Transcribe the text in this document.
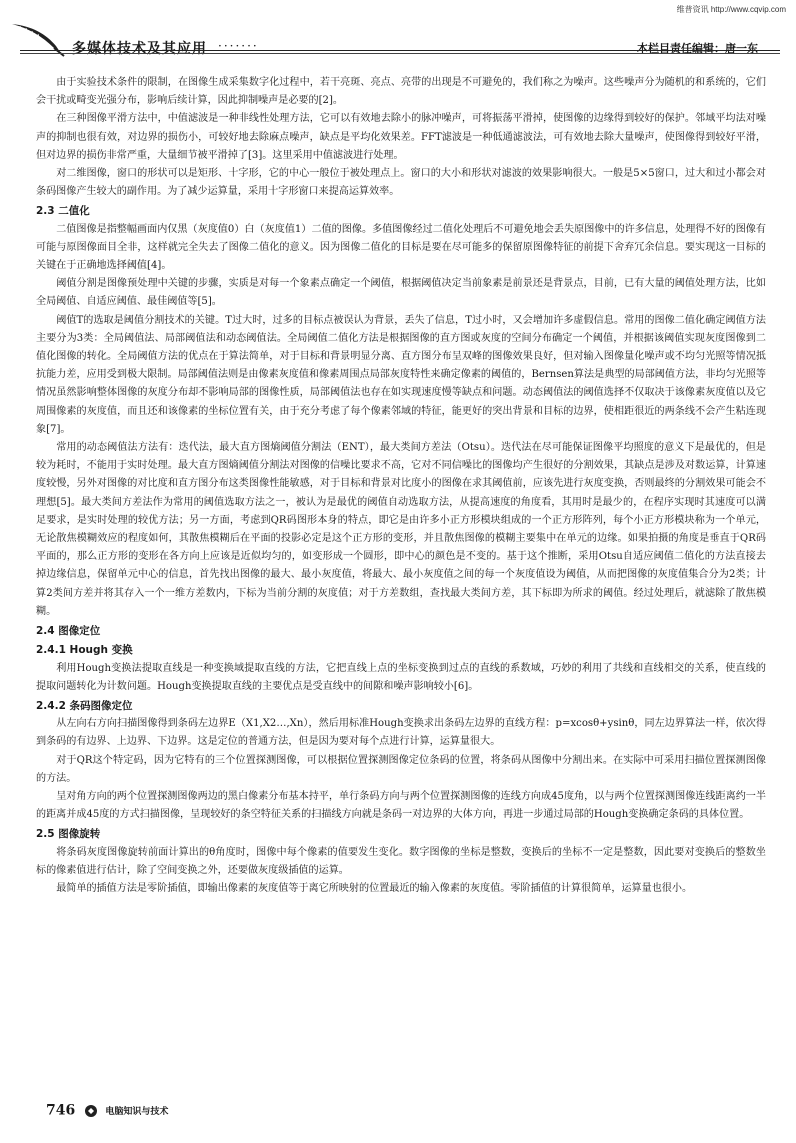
维普资讯 http://www.cqvip.com
多媒体技术及其应用 ·······	本栏目责任编辑：唐一东

由于实验技术条件的限制，在图像生成采集数字化过程中，若干亮斑、亮点、亮带的出现是不可避免的，我们称之为噪声。这些噪声分为随机的和系统的，它们会干扰或畸变光强分布，影响后续计算，因此抑制噪声是必要的[2]。

在三种图像平滑方法中，中值滤波是一种非线性处理方法，它可以有效地去除小的脉冲噪声，可将振荡平滑掉，使图像的边缘得到较好的保护。邻域平均法对噪声的抑制也很有效，对边界的损伤小，可较好地去除麻点噪声，缺点是平均化效果差。FFT滤波是一种低通滤波法，可有效地去除大量噪声，使图像得到较好平滑，但对边界的损伤非常严重，大量细节被平滑掉了[3]。这里采用中值滤波进行处理。

对二维图像，窗口的形状可以是矩形、十字形，它的中心一般位于被处理点上。窗口的大小和形状对滤波的效果影响很大。一般是5×5窗口，过大和过小都会对条码图像产生较大的副作用。为了减少运算量，采用十字形窗口来提高运算效率。

2.3 二值化

二值图像是指整幅画面内仅黑（灰度值0）白（灰度值1）二值的图像。多值图像经过二值化处理后不可避免地会丢失原图像中的许多信息，处理得不好的图像有可能与原图像面目全非，这样就完全失去了图像二值化的意义。因为图像二值化的目标是要在尽可能多的保留原图像特征的前提下舍弃冗余信息。要实现这一目标的关键在于正确地选择阈值[4]。

阈值分割是图像预处理中关键的步骤，实质是对每一个象素点确定一个阈值，根据阈值决定当前象素是前景还是背景点，目前，已有大量的阈值处理方法，比如全局阈值、自适应阈值、最佳阈值等[5]。

阈值T的选取是阈值分割技术的关键。T过大时，过多的目标点被误认为背景，丢失了信息，T过小时，又会增加许多虚假信息。常用的图像二值化确定阈值方法主要分为3类：全局阈值法、局部阈值法和动态阈值法。全局阈值二值化方法是根据图像的直方图或灰度的空间分布确定一个阈值，并根据该阈值实现灰度图像到二值化图像的转化。全局阈值方法的优点在于算法简单，对于目标和背景明显分离、直方图分布呈双峰的图像效果良好，但对输入图像量化噪声或不均匀光照等情况抵抗能力差，应用受到极大限制。局部阈值法则是由像素灰度值和像素周围点局部灰度特性来确定像素的阈值的，Bernsen算法是典型的局部阈值方法，非均匀光照等情况虽然影响整体图像的灰度分布却不影响局部的图像性质，局部阈值法也存在如实现速度慢等缺点和问题。动态阈值法的阈值选择不仅取决于该像素灰度值以及它周围像素的灰度值，而且还和该像素的坐标位置有关，由于充分考虑了每个像素邻域的特征，能更好的突出背景和目标的边界，使相距很近的两条线不会产生粘连现象[7]。

常用的动态阈值法方法有：迭代法，最大直方图熵阈值分割法（ENT），最大类间方差法（Otsu）。迭代法在尽可能保证图像平均照度的意义下是最优的，但是较为耗时，不能用于实时处理。最大直方图熵阈值分割法对图像的信噪比要求不高，它对不同信噪比的图像均产生很好的分割效果，其缺点是涉及对数运算，计算速度较慢，另外对图像的对比度和直方图分布这类图像性能敏感，对于目标和背景对比度小的图像在求其阈值前，应该先进行灰度变换，否则最终的分割效果可能会不理想[5]。最大类间方差法作为常用的阈值选取方法之一，被认为是最优的阈值自动选取方法，从提高速度的角度看，其用时是最少的，在程序实现时其速度可以满足要求，是实时处理的较优方法；另一方面，考虑到QR码图形本身的特点，即它是由许多小正方形模块组成的一个正方形阵列，每个小正方形模块称为一个单元，无论散焦模糊效应的程度如何，其散焦模糊后在平面的投影必定是这个正方形的变形，并且散焦图像的模糊主要集中在单元的边缘。如果拍摄的角度是垂直于QR码平面的，那么正方形的变形在各方向上应该是近似均匀的，如变形成一个圆形，即中心的颜色是不变的。基于这个推断，采用Otsu自适应阈值二值化的方法直接去掉边缘信息，保留单元中心的信息，首先找出图像的最大、最小灰度值，将最大、最小灰度值之间的每一个灰度值设为阈值，从而把图像的灰度值集合分为2类；计算2类间方差并将其存入一个一维方差数内，下标为当前分割的灰度值；对于方差数组，查找最大类间方差，其下标即为所求的阈值。经过处理后，就滤除了散焦模糊。

2.4 图像定位
2.4.1 Hough 变换

利用Hough变换法提取直线是一种变换域提取直线的方法，它把直线上点的坐标变换到过点的直线的系数域，巧妙的利用了共线和直线相交的关系，使直线的提取问题转化为计数问题。Hough变换提取直线的主要优点是受直线中的间隙和噪声影响较小[6]。

2.4.2 条码图像定位

从左向右方向扫描图像得到条码左边界E（X1,X2…,Xn），然后用标准Hough变换求出条码左边界的直线方程：p=xcosθ+ysinθ，同左边界算法一样，依次得到条码的有边界、上边界、下边界。这是定位的普通方法，但是因为要对每个点进行计算，运算量很大。

对于QR这个特定码，因为它特有的三个位置探测图像，可以根据位置探测图像定位条码的位置，将条码从图像中分割出来。在实际中可采用扫描位置探测图像的方法。

呈对角方向的两个位置探测图像两边的黑白像素分布基本持平，单行条码方向与两个位置探测图像的连线方向成45度角，以与两个位置探测图像连线距离约一半的距离并成45度的方式扫描图像，呈现较好的条空特征关系的扫描线方向就是条码一对边界的大体方向，再进一步通过局部的Hough变换确定条码的具体位置。

2.5 图像旋转

将条码灰度图像旋转前面计算出的θ角度时，图像中每个像素的值要发生变化。数字图像的坐标是整数，变换后的坐标不一定是整数，因此要对变换后的整数坐标的像素值进行估计，除了空间变换之外，还要做灰度级插值的运算。

最简单的插值方法是零阶插值，即输出像素的灰度值等于离它所映射的位置最近的输入像素的灰度值。零阶插值的计算很简单，运算量也很小。

746	电脑知识与技术
